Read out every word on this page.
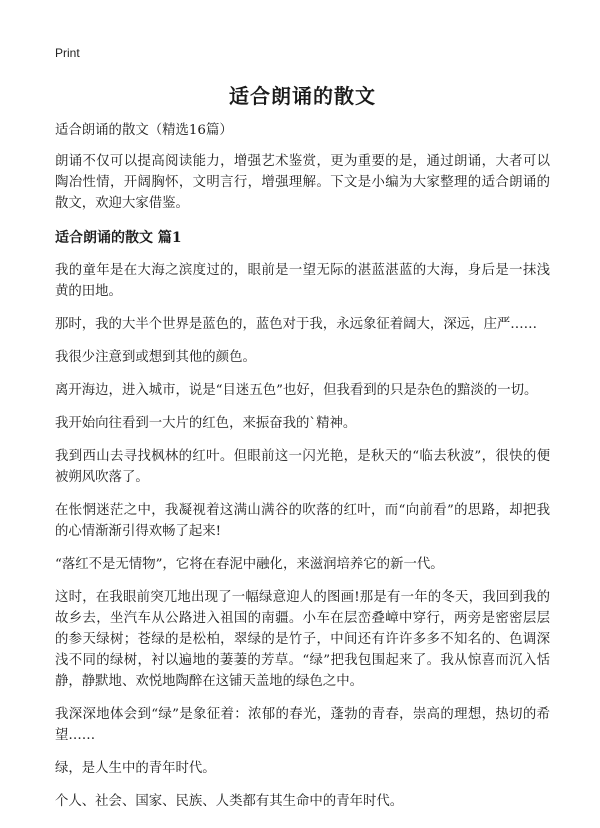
Print
适合朗诵的散文

适合朗诵的散文（精选16篇）

朗诵不仅可以提高阅读能力，增强艺术鉴赏，更为重要的是，通过朗诵，大者可以陶冶性情，开阔胸怀，文明言行，增强理解。下文是小编为大家整理的适合朗诵的散文，欢迎大家借鉴。

适合朗诵的散文 篇1

我的童年是在大海之滨度过的，眼前是一望无际的湛蓝湛蓝的大海，身后是一抹浅黄的田地。

那时，我的大半个世界是蓝色的，蓝色对于我，永远象征着阔大，深远，庄严……

我很少注意到或想到其他的颜色。

离开海边，进入城市，说是“目迷五色”也好，但我看到的只是杂色的黯淡的一切。

我开始向往看到一大片的红色，来振奋我的`精神。

我到西山去寻找枫林的红叶。但眼前这一闪光艳，是秋天的“临去秋波”，很快的便被朔风吹落了。

在怅惘迷茫之中，我凝视着这满山满谷的吹落的红叶，而“向前看”的思路，却把我的心情渐渐引得欢畅了起来!

“落红不是无情物”，它将在春泥中融化，来滋润培养它的新一代。

这时，在我眼前突兀地出现了一幅绿意迎人的图画!那是有一年的冬天，我回到我的故乡去，坐汽车从公路进入祖国的南疆。小车在层峦叠嶂中穿行，两旁是密密层层的参天绿树；苍绿的是松柏，翠绿的是竹子，中间还有许许多多不知名的、色调深浅不同的绿树，衬以遍地的萋萋的芳草。“绿”把我包围起来了。我从惊喜而沉入恬静，静默地、欢悦地陶醉在这铺天盖地的绿色之中。

我深深地体会到“绿”是象征着：浓郁的春光，蓬勃的青春，崇高的理想，热切的希望……

绿，是人生中的青年时代。

个人、社会、国家、民族、人类都有其生命中的青年时代。
